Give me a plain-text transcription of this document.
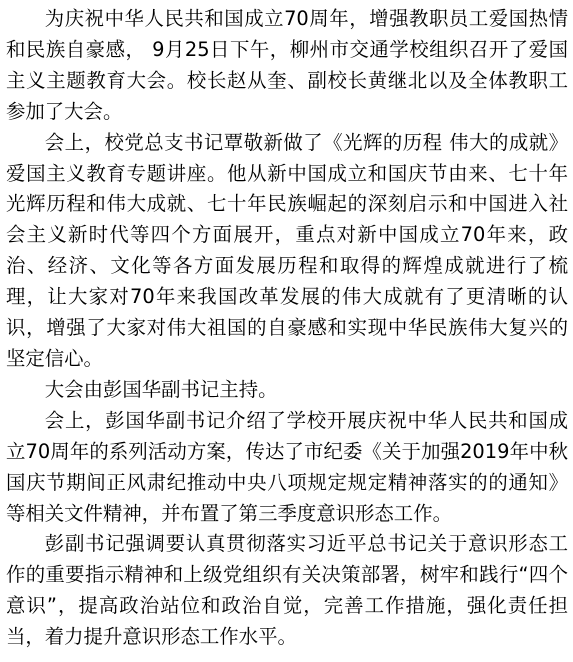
为庆祝中华人民共和国成立70周年，增强教职员工爱国热情和民族自豪感， 9月25日下午，柳州市交通学校组织召开了爱国主义主题教育大会。校长赵从奎、副校长黄继北以及全体教职工参加了大会。

会上，校党总支书记覃敬新做了《光辉的历程 伟大的成就》爱国主义教育专题讲座。他从新中国成立和国庆节由来、七十年光辉历程和伟大成就、七十年民族崛起的深刻启示和中国进入社会主义新时代等四个方面展开，重点对新中国成立70年来，政治、经济、文化等各方面发展历程和取得的辉煌成就进行了梳理，让大家对70年来我国改革发展的伟大成就有了更清晰的认识，增强了大家对伟大祖国的自豪感和实现中华民族伟大复兴的坚定信心。

大会由彭国华副书记主持。

会上，彭国华副书记介绍了学校开展庆祝中华人民共和国成立70周年的系列活动方案，传达了市纪委《关于加强2019年中秋国庆节期间正风肃纪推动中央八项规定规定精神落实的的通知》等相关文件精神，并布置了第三季度意识形态工作。

彭副书记强调要认真贯彻落实习近平总书记关于意识形态工作的重要指示精神和上级党组织有关决策部署，树牢和践行“四个意识”，提高政治站位和政治自觉，完善工作措施，强化责任担当，着力提升意识形态工作水平。
